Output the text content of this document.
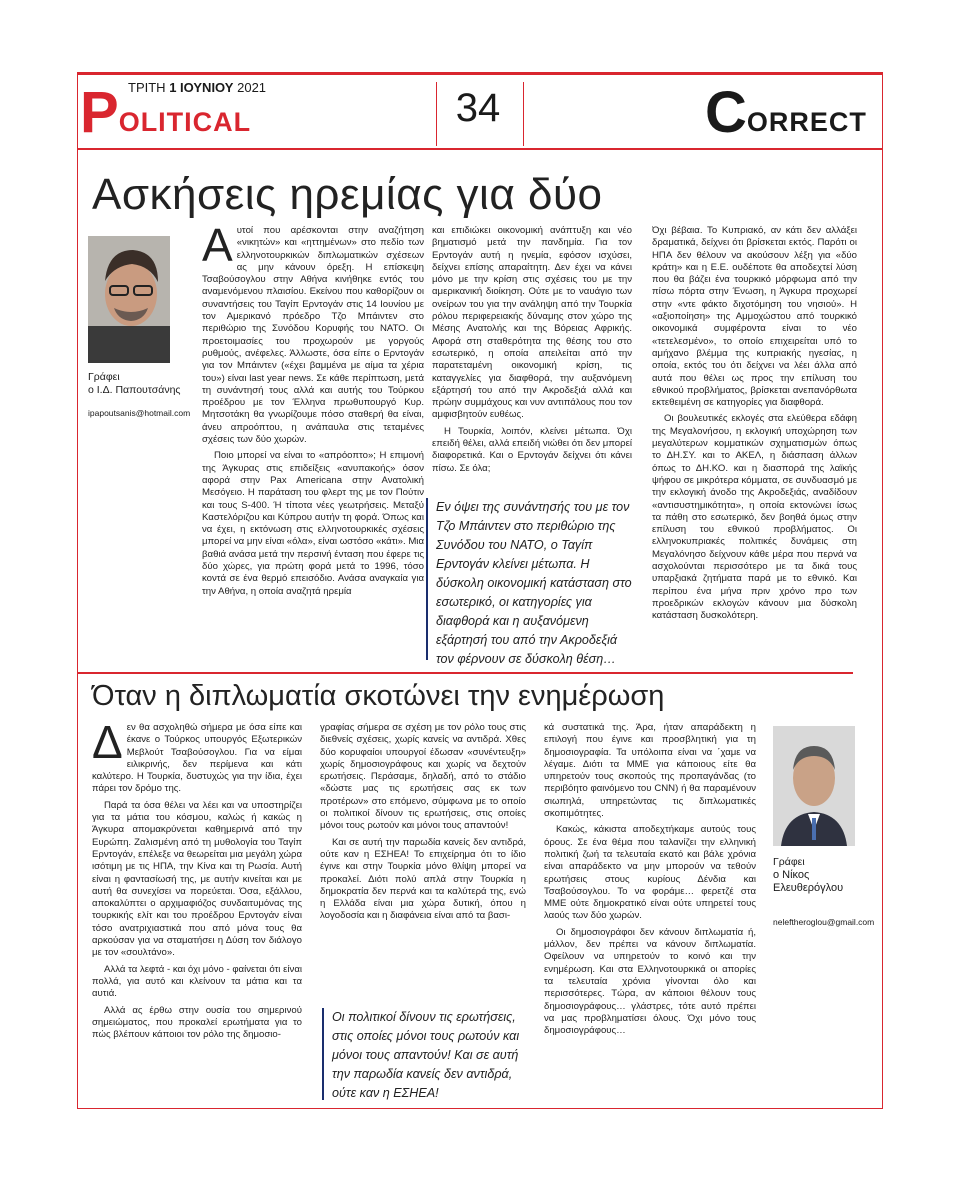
ΤΡΙΤΗ 1 ΙΟΥΝΙΟΥ 2021
POLITICAL	34	CORRECT
Ασκήσεις ηρεμίας για δύο
Γράφει
ο Ι.Δ. Παπουτσάνης
ipapoutsanis@hotmail.com

Αυτοί που αρέσκονται στην αναζήτηση «νικητών» και «ηττημένων» στο πεδίο των ελληνοτουρκικών διπλωματικών σχέσεων ας μην κάνουν όρεξη. Η επίσκεψη Τσαβούσογλου στην Αθήνα κινήθηκε εντός του αναμενόμενου πλαισίου. Εκείνου που καθορίζουν οι συναντήσεις του Ταγίπ Ερντογάν στις 14 Ιουνίου με τον Αμερικανό πρόεδρο Τζο Μπάιντεν στο περιθώριο της Συνόδου Κορυφής του ΝΑΤΟ. Οι προετοιμασίες του προχωρούν με γοργούς ρυθμούς, ανέφελες. Άλλωστε, όσα είπε ο Ερντογάν για τον Μπάιντεν («έχει βαμμένα με αίμα τα χέρια του») είναι last year news. Σε κάθε περίπτωση, μετά τη συνάντησή τους αλλά και αυτής του Τούρκου προέδρου με τον Έλληνα πρωθυπουργό Κυρ. Μητσοτάκη θα γνωρίζουμε πόσο σταθερή θα είναι, άνευ απροόπτου, η ανάπαυλα στις τεταμένες σχέσεις των δύο χωρών.

Ποιο μπορεί να είναι το «απρόοπτο»; Η επιμονή της Άγκυρας στις επιδείξεις «ανυπακοής» όσον αφορά στην Pax Americana στην Ανατολική Μεσόγειο. Η παράταση του φλερτ της με τον Πούτιν και τους S-400. Ή τίποτα νέες γεωτρήσεις. Μεταξύ Καστελόριζου και Κύπρου αυτήν τη φορά. Όπως και να έχει, η εκτόνωση στις ελληνοτουρκικές σχέσεις μπορεί να μην είναι «όλα», είναι ωστόσο «κάτι». Μια βαθιά ανάσα μετά την περσινή ένταση που έφερε τις δύο χώρες, για πρώτη φορά μετά το 1996, τόσο κοντά σε ένα θερμό επεισόδιο. Ανάσα αναγκαία για την Αθήνα, η οποία αναζητά ηρεμία

και επιδιώκει οικονομική ανάπτυξη και νέο βηματισμό μετά την πανδημία. Για τον Ερντογάν αυτή η ηνεμία, εφόσον ισχύσει, δείχνει επίσης απαραίτητη. Δεν έχει να κάνει μόνο με την κρίση στις σχέσεις του με την αμερικανική διοίκηση. Ούτε με το ναυάγιο των ονείρων του για την ανάληψη από την Τουρκία ρόλου περιφερειακής δύναμης στον χώρο της Μέσης Ανατολής και της Βόρειας Αφρικής. Αφορά στη σταθερότητα της θέσης του στο εσωτερικό, η οποία απειλείται από την παρατεταμένη οικονομική κρίση, τις καταγγελίες για διαφθορά, την αυξανόμενη εξάρτησή του από την Ακροδεξιά αλλά και πρώην συμμάχους και νυν αντιπάλους που τον αμφισβητούν ευθέως.

Η Τουρκία, λοιπόν, κλείνει μέτωπα. Όχι επειδή θέλει, αλλά επειδή νιώθει ότι δεν μπορεί διαφορετικά. Και ο Ερντογάν δείχνει ότι κάνει πίσω. Σε όλα;

Εν όψει της συνάντησής του με τον Τζο Μπάιντεν στο περιθώριο της Συνόδου του ΝΑΤΟ, ο Ταγίπ Ερντογάν κλείνει μέτωπα. Η δύσκολη οικονομική κατάσταση στο εσωτερικό, οι κατηγορίες για διαφθορά και η αυξανόμενη εξάρτησή του από την Ακροδεξιά τον φέρνουν σε δύσκολη θέση…

Όχι βέβαια. Το Κυπριακό, αν κάτι δεν αλλάξει δραματικά, δείχνει ότι βρίσκεται εκτός. Παρότι οι ΗΠΑ δεν θέλουν να ακούσουν λέξη για «δύο κράτη» και η Ε.Ε. ουδέποτε θα αποδεχτεί λύση που θα βάζει ένα τουρκικό μόρφωμα από την πίσω πόρτα στην Ένωση, η Άγκυρα προχωρεί στην «ντε φάκτο διχοτόμηση του νησιού». Η «αξιοποίηση» της Αμμοχώστου από τουρκικό οικονομικά συμφέροντα είναι το νέο «τετελεσμένο», το οποίο επιχειρείται υπό το αμήχανο βλέμμα της κυπριακής ηγεσίας, η οποία, εκτός του ότι δείχνει να λέει άλλα από αυτά που θέλει ως προς την επίλυση του εθνικού προβλήματος, βρίσκεται ανεπανόρθωτα εκτεθειμένη σε κατηγορίες για διαφθορά.

Οι βουλευτικές εκλογές στα ελεύθερα εδάφη της Μεγαλονήσου, η εκλογική υποχώρηση των μεγαλύτερων κομματικών σχηματισμών όπως το ΔΗ.ΣΥ. και το ΑΚΕΛ, η διάσπαση άλλων όπως το ΔΗ.ΚΟ. και η διασπορά της λαϊκής ψήφου σε μικρότερα κόμματα, σε συνδυασμό με την εκλογική άνοδο της Ακροδεξιάς, αναδίδουν «αντισυστημικότητα», η οποία εκτονώνει ίσως τα πάθη στο εσωτερικό, δεν βοηθά όμως στην επίλυση του εθνικού προβλήματος. Οι ελληνοκυπριακές πολιτικές δυνάμεις στη Μεγαλόνησο δείχνουν κάθε μέρα που περνά να ασχολούνται περισσότερο με τα δικά τους υπαρξιακά ζητήματα παρά με το εθνικό. Και περίπου ένα μήνα πριν χρόνο προ των προεδρικών εκλογών κάνουν μια δύσκολη κατάσταση δυσκολότερη.

Όταν η διπλωματία σκοτώνει την ενημέρωση

Δεν θα ασχοληθώ σήμερα με όσα είπε και έκανε ο Τούρκος υπουργός Εξωτερικών Μεβλούτ Τσαβούσογλου. Για να είμαι ειλικρινής, δεν περίμενα και κάτι καλύτερο. Η Τουρκία, δυστυχώς για την ίδια, έχει πάρει τον δρόμο της.

Παρά τα όσα θέλει να λέει και να υποστηρίζει για τα μάτια του κόσμου, καλώς ή κακώς η Άγκυρα απομακρύνεται καθημερινά από την Ευρώπη. Ζαλισμένη από τη μυθολογία του Ταγίπ Ερντογάν, επέλεξε να θεωρείται μια μεγάλη χώρα ισότιμη με τις ΗΠΑ, την Κίνα και τη Ρωσία. Αυτή είναι η φαντασίωσή της, με αυτήν κινείται και με αυτή θα συνεχίσει να πορεύεται. Όσα, εξάλλου, αποκαλύπτει ο αρχιμαφιόζος συνδαιτυμόνας της τουρκικής ελίτ και του προέδρου Ερντογάν είναι τόσο ανατριχιαστικά που από μόνα τους θα αρκούσαν για να σταματήσει η Δύση τον διάλογο με τον «σουλτάνο».

Αλλά τα λεφτά - και όχι μόνο - φαίνεται ότι είναι πολλά, για αυτό και κλείνουν τα μάτια και τα αυτιά.

Αλλά ας έρθω στην ουσία του σημερινού σημειώματος, που προκαλεί ερωτήματα για το πώς βλέπουν κάποιοι τον ρόλο της δημοσιο-

γραφίας σήμερα σε σχέση με τον ρόλο τους στις διεθνείς σχέσεις, χωρίς κανείς να αντιδρά. Χθες δύο κορυφαίοι υπουργοί έδωσαν «συνέντευξη» χωρίς δημοσιογράφους και χωρίς να δεχτούν ερωτήσεις. Περάσαμε, δηλαδή, από το στάδιο «δώστε μας τις ερωτήσεις σας εκ των προτέρων» στο επόμενο, σύμφωνα με το οποίο οι πολιτικοί δίνουν τις ερωτήσεις, στις οποίες μόνοι τους ρωτούν και μόνοι τους απαντούν!

Και σε αυτή την παρωδία κανείς δεν αντιδρά, ούτε καν η ΕΣΗΕΑ! Το επιχείρημα ότι το ίδιο έγινε και στην Τουρκία μόνο θλίψη μπορεί να προκαλεί. Διότι πολύ απλά στην Τουρκία η δημοκρατία δεν περνά και τα καλύτερά της, ενώ η Ελλάδα είναι μια χώρα δυτική, όπου η λογοδοσία και η διαφάνεια είναι από τα βασι-

Οι πολιτικοί δίνουν τις ερωτήσεις, στις οποίες μόνοι τους ρωτούν και μόνοι τους απαντούν! Και σε αυτή την παρωδία κανείς δεν αντιδρά, ούτε καν η ΕΣΗΕΑ!

κά συστατικά της. Άρα, ήταν απαράδεκτη η επιλογή που έγινε και προσβλητική για τη δημοσιογραφία. Τα υπόλοιπα είναι να ΄χαμε να λέγαμε. Διότι τα ΜΜΕ για κάποιους είτε θα υπηρετούν τους σκοπούς της προπαγάνδας (το περιβόητο φαινόμενο του CNN) ή θα παραμένουν σιωπηλά, υπηρετώντας τις διπλωματικές σκοπιμότητες.

Κακώς, κάκιστα αποδεχτήκαμε αυτούς τους όρους. Σε ένα θέμα που ταλανίζει την ελληνική πολιτική ζωή τα τελευταία εκατό και βάλε χρόνια είναι απαράδεκτο να μην μπορούν να τεθούν ερωτήσεις στους κυρίους Δένδια και Τσαβούσογλου. Το να φοράμε… φερετζέ στα ΜΜΕ ούτε δημοκρατικό είναι ούτε υπηρετεί τους λαούς των δύο χωρών.

Οι δημοσιογράφοι δεν κάνουν διπλωματία ή, μάλλον, δεν πρέπει να κάνουν διπλωματία. Οφείλουν να υπηρετούν το κοινό και την ενημέρωση. Και στα Ελληνοτουρκικά οι απορίες τα τελευταία χρόνια γίνονται όλο και περισσότερες. Τώρα, αν κάποιοι θέλουν τους δημοσιογράφους… γλάστρες, τότε αυτό πρέπει να μας προβληματίσει όλους. Όχι μόνο τους δημοσιογράφους…

Γράφει
ο Νίκος
Ελευθερόγλου
neleftheroglou@gmail.com
